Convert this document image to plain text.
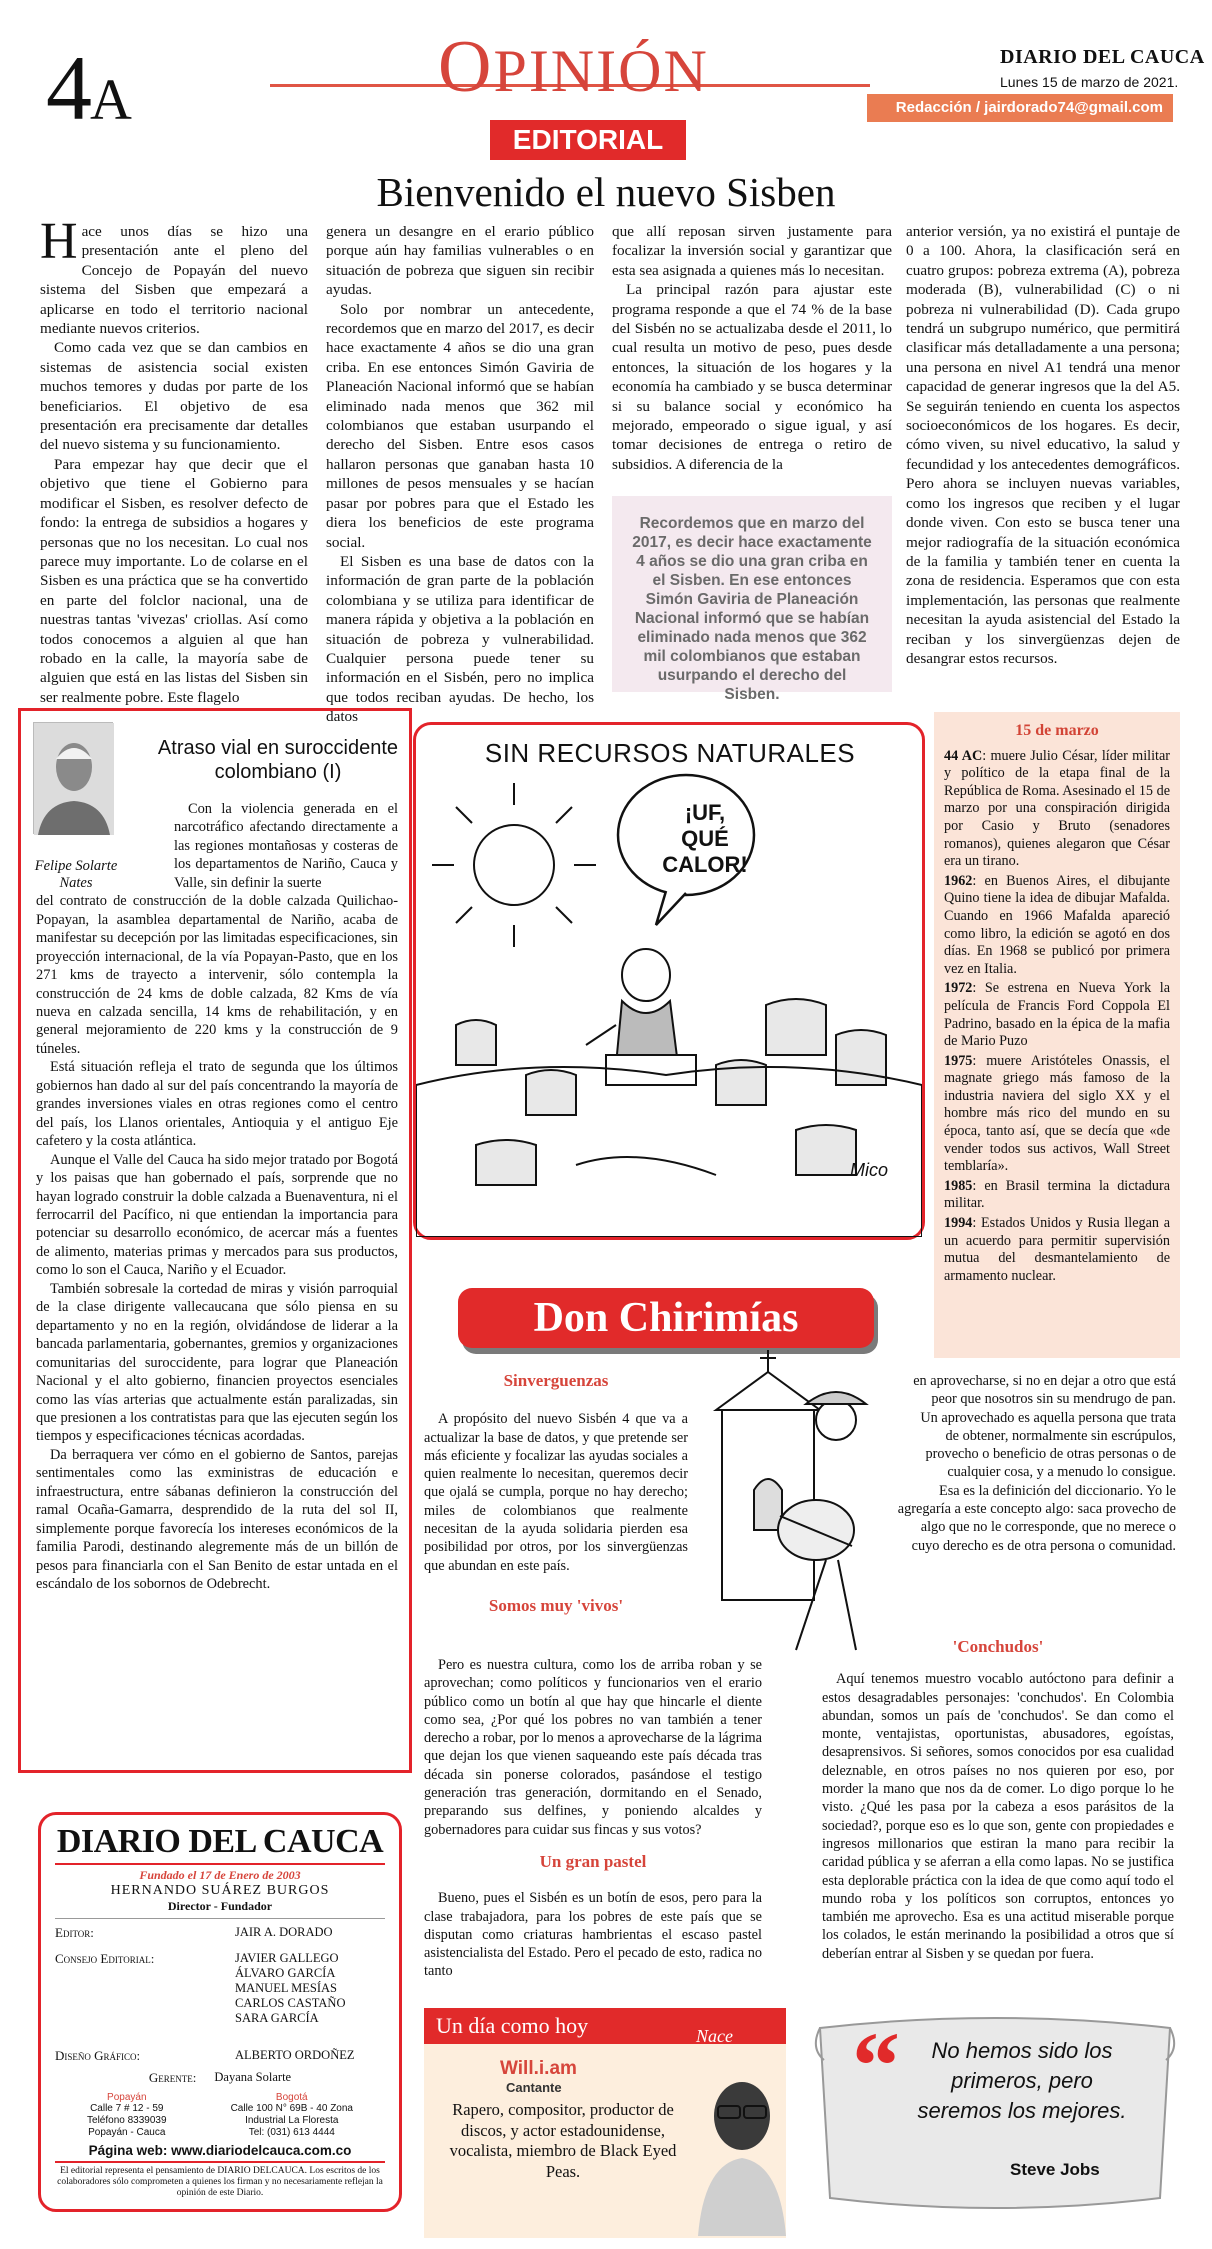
4A	OPINIÓN
EDITORIAL
DIARIO DEL CAUCA
Lunes 15 de marzo de 2021.
Redacción / jairdorado74@gmail.com
Bienvenido el nuevo Sisben

Hace unos días se hizo una presentación ante el pleno del Concejo de Popayán del nuevo sistema del Sisben que empezará a aplicarse en todo el territorio nacional mediante nuevos criterios.

Como cada vez que se dan cambios en sistemas de asistencia social existen muchos temores y dudas por parte de los beneficiarios. El objetivo de esa presentación era precisamente dar detalles del nuevo sistema y su funcionamiento.

Para empezar hay que decir que el objetivo que tiene el Gobierno para modificar el Sisben, es resolver defecto de fondo: la entrega de subsidios a hogares y personas que no los necesitan. Lo cual nos parece muy importante. Lo de colarse en el Sisben es una práctica que se ha convertido en parte del folclor nacional, una de nuestras tantas 'vivezas' criollas. Así como todos conocemos a alguien al que han robado en la calle, la mayoría sabe de alguien que está en las listas del Sisben sin ser realmente pobre. Este flagelo

genera un desangre en el erario público porque aún hay familias vulnerables o en situación de pobreza que siguen sin recibir ayudas.

Solo por nombrar un antecedente, recordemos que en marzo del 2017, es decir hace exactamente 4 años se dio una gran criba. En ese entonces Simón Gaviria de Planeación Nacional informó que se habían eliminado nada menos que 362 mil colombianos que estaban usurpando el derecho del Sisben. Entre esos casos hallaron personas que ganaban hasta 10 millones de pesos mensuales y se hacían pasar por pobres para que el Estado les diera los beneficios de este programa social.

El Sisben es una base de datos con la información de gran parte de la población colombiana y se utiliza para identificar de manera rápida y objetiva a la población en situación de pobreza y vulnerabilidad. Cualquier persona puede tener su información en el Sisbén, pero no implica que todos reciban ayudas. De hecho, los datos

que allí reposan sirven justamente para focalizar la inversión social y garantizar que esta sea asignada a quienes más lo necesitan.

La principal razón para ajustar este programa responde a que el 74 % de la base del Sisbén no se actualizaba desde el 2011, lo cual resulta un motivo de peso, pues desde entonces, la situación de los hogares y la economía ha cambiado y se busca determinar si su balance social y económico ha mejorado, empeorado o sigue igual, y así tomar decisiones de entrega o retiro de subsidios. A diferencia de la

Recordemos que en marzo del 2017, es decir hace exactamente 4 años se dio una gran criba en el Sisben. En ese entonces Simón Gaviria de Planeación Nacional informó que se habían eliminado nada menos que 362 mil colombianos que estaban usurpando el derecho del Sisben.

anterior versión, ya no existirá el puntaje de 0 a 100. Ahora, la clasificación será en cuatro grupos: pobreza extrema (A), pobreza moderada (B), vulnerabilidad (C) o ni pobreza ni vulnerabilidad (D). Cada grupo tendrá un subgrupo numérico, que permitirá clasificar más detalladamente a una persona; una persona en nivel A1 tendrá una menor capacidad de generar ingresos que la del A5. Se seguirán teniendo en cuenta los aspectos socioeconómicos de los hogares. Es decir, cómo viven, su nivel educativo, la salud y fecundidad y los antecedentes demográficos. Pero ahora se incluyen nuevas variables, como los ingresos que reciben y el lugar donde viven. Con esto se busca tener una mejor radiografía de la situación económica de la familia y también tener en cuenta la zona de residencia. Esperamos que con esta implementación, las personas que realmente necesitan la ayuda asistencial del Estado la reciban y los sinvergüenzas dejen de desangrar estos recursos.

Atraso vial en suroccidente colombiano (I)
Felipe Solarte Nates

Con la violencia generada en el narcotráfico afectando directamente a las regiones montañosas y costeras de los departamentos de Nariño, Cauca y Valle, sin definir la suerte

del contrato de construcción de la doble calzada Quilichao-Popayan, la asamblea departamental de Nariño, acaba de manifestar su decepción por las limitadas especificaciones, sin proyección internacional, de la vía Popayan-Pasto, que en los 271 kms de trayecto a intervenir, sólo contempla la construcción de 24 kms de doble calzada, 82 Kms de vía nueva en calzada sencilla, 14 kms de rehabilitación, y en general mejoramiento de 220 kms y la construcción de 9 túneles.

Está situación refleja el trato de segunda que los últimos gobiernos han dado al sur del país concentrando la mayoría de grandes inversiones viales en otras regiones como el centro del país, los Llanos orientales, Antioquia y el antiguo Eje cafetero y la costa atlántica.

Aunque el Valle del Cauca ha sido mejor tratado por Bogotá y los paisas que han gobernado el país, sorprende que no hayan logrado construir la doble calzada a Buenaventura, ni el ferrocarril del Pacífico, ni que entiendan la importancia para potenciar su desarrollo económico, de acercar más a fuentes de alimento, materias primas y mercados para sus productos, como lo son el Cauca, Nariño y el Ecuador.

También sobresale la cortedad de miras y visión parroquial de la clase dirigente vallecaucana que sólo piensa en su departamento y no en la región, olvidándose de liderar a la bancada parlamentaria, gobernantes, gremios y organizaciones comunitarias del suroccidente, para lograr que Planeación Nacional y el alto gobierno, financien proyectos esenciales como las vías arterias que actualmente están paralizadas, sin que presionen a los contratistas para que las ejecuten según los tiempos y especificaciones técnicas acordadas.

Da berraquera ver cómo en el gobierno de Santos, parejas sentimentales como las exministras de educación e infraestructura, entre sábanas definieron la construcción del ramal Ocaña-Gamarra, desprendido de la ruta del sol II, simplemente porque favorecía los intereses económicos de la familia Parodi, destinando alegremente más de un billón de pesos para financiarla con el San Benito de estar untada en el escándalo de los sobornos de Odebrecht.

SIN RECURSOS NATURALES
¡UF,
QUÉ
CALOR!
Mico
15 de marzo

44 AC: muere Julio César, líder militar y político de la etapa final de la República de Roma. Asesinado el 15 de marzo por una conspiración dirigida por Casio y Bruto (senadores romanos), quienes alegaron que César era un tirano.

1962: en Buenos Aires, el dibujante Quino tiene la idea de dibujar Mafalda. Cuando en 1966 Mafalda apareció como libro, la edición se agotó en dos días. En 1968 se publicó por primera vez en Italia.

1972: Se estrena en Nueva York la película de Francis Ford Coppola El Padrino, basado en la épica de la mafia de Mario Puzo

1975: muere Aristóteles Onassis, el magnate griego más famoso de la industria naviera del siglo XX y el hombre más rico del mundo en su época, tanto así, que se decía que «de vender todos sus activos, Wall Street temblaría».

1985: en Brasil termina la dictadura militar.

1994: Estados Unidos y Rusia llegan a un acuerdo para permitir supervisión mutua del desmantelamiento de armamento nuclear.

Don Chirimías
Sinverguenzas

A propósito del nuevo Sisbén 4 que va a actualizar la base de datos, y que pretende ser más eficiente y focalizar las ayudas sociales a quien realmente lo necesitan, queremos decir que ojalá se cumpla, porque no hay derecho; miles de colombianos que realmente necesitan de la ayuda solidaria pierden esa posibilidad por otros, por los sinvergüenzas que abundan en este país.

Somos muy 'vivos'

en aprovecharse, si no en dejar a otro que está peor que nosotros sin su mendrugo de pan.

Un aprovechado es aquella persona que trata de obtener, normalmente sin escrúpulos, provecho o beneficio de otras personas o de cualquier cosa, y a menudo lo consigue.

Esa es la definición del diccionario. Yo le agregaría a este concepto algo: saca provecho de algo que no le corresponde, que no merece o cuyo derecho es de otra persona o comunidad.

Pero es nuestra cultura, como los de arriba roban y se aprovechan; como políticos y funcionarios ven el erario público como un botín al que hay que hincarle el diente como sea, ¿Por qué los pobres no van también a tener derecho a robar, por lo menos a aprovecharse de la lágrima que dejan los que vienen saqueando este país década tras década sin ponerse colorados, pasándose el testigo generación tras generación, dormitando en el Senado, preparando sus delfines, y poniendo alcaldes y gobernadores para cuidar sus fincas y sus votos?

Un gran pastel

Bueno, pues el Sisbén es un botín de esos, pero para la clase trabajadora, para los pobres de este país que se disputan como criaturas hambrientas el escaso pastel asistencialista del Estado. Pero el pecado de esto, radica no tanto

'Conchudos'

Aquí tenemos muestro vocablo autóctono para definir a estos desagradables personajes: 'conchudos'. En Colombia abundan, somos un país de 'conchudos'. Se dan como el monte, ventajistas, oportunistas, abusadores, egoístas, desaprensivos. Si señores, somos conocidos por esa cualidad deleznable, en otros países no nos quieren por eso, por morder la mano que nos da de comer. Lo digo porque lo he visto. ¿Qué les pasa por la cabeza a esos parásitos de la sociedad?, porque eso es lo que son, gente con propiedades e ingresos millonarios que estiran la mano para recibir la caridad pública y se aferran a ella como lapas. No se justifica esta deplorable práctica con la idea de que como aquí todo el mundo roba y los políticos son corruptos, entonces yo también me aprovecho. Esa es una actitud miserable porque los colados, le están merinando la posibilidad a otros que sí deberían entrar al Sisben y se quedan por fuera.

DIARIO DEL CAUCA
Fundado el 17 de Enero de 2003
HERNANDO SUÁREZ BURGOS
Director - Fundador
Editor:	JAIR A. DORADO
Consejo Editorial:	JAVIER GALLEGO
ÁLVARO GARCÍA
MANUEL MESÍAS
CARLOS CASTAÑO
SARA GARCÍA
Diseño Gráfico:	ALBERTO ORDOÑEZ
Gerente: Dayana Solarte
Popayán
Calle 7 # 12 - 59
Teléfono 8339039
Popayán - Cauca
Bogotá
Calle 100 N° 69B - 40 Zona
Industrial La Floresta
Tel: (031) 613 4444
Página web: www.diariodelcauca.com.co
El editorial representa el pensamiento de DIARIO DELCAUCA. Los escritos de los colaboradores sólo comprometen a quienes los firman y no necesariamente reflejan la opinión de este Diario.
Un día como hoy	Nace
Will.i.am
Cantante
Rapero, compositor, productor de discos, y actor estadounidense, vocalista, miembro de Black Eyed Peas.
“	No hemos sido los primeros, pero seremos los mejores.
Steve Jobs
